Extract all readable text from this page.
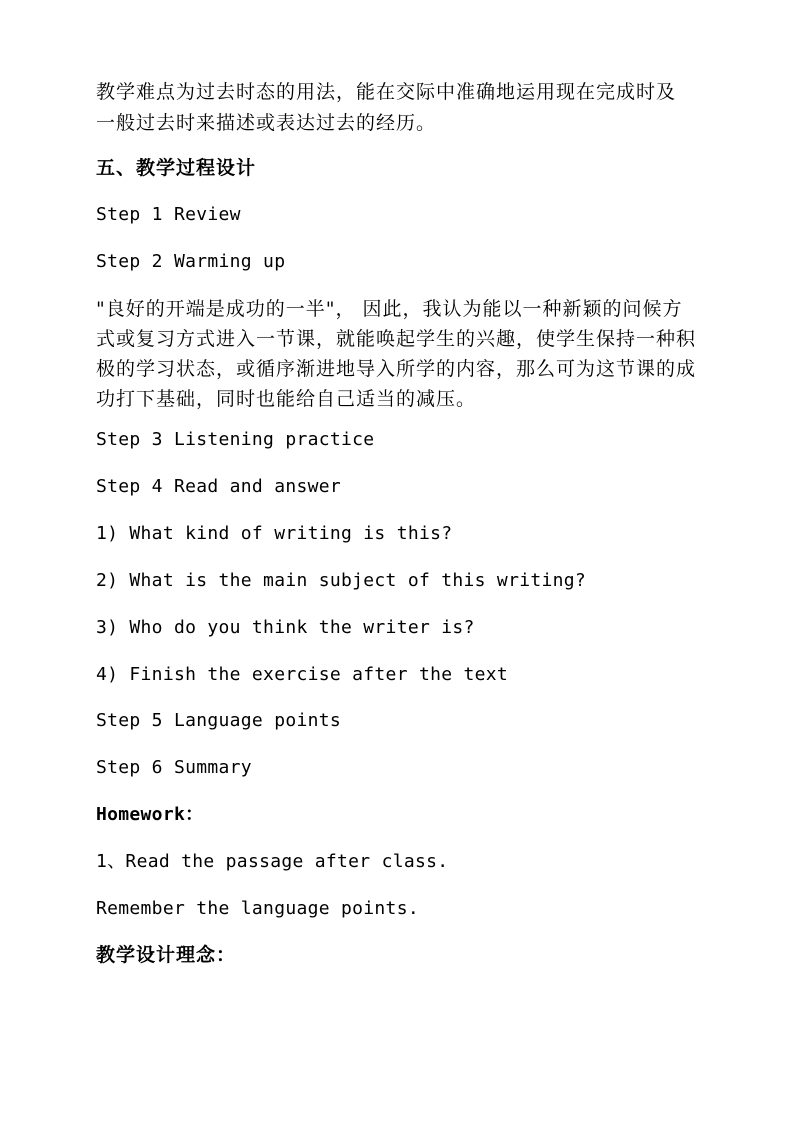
教学难点为过去时态的用法，能在交际中准确地运用现在完成时及
一般过去时来描述或表达过去的经历。
五、教学过程设计
Step 1 Review
Step 2 Warming up
"良好的开端是成功的一半"， 因此，我认为能以一种新颖的问候方
式或复习方式进入一节课，就能唤起学生的兴趣，使学生保持一种积
极的学习状态，或循序渐进地导入所学的内容，那么可为这节课的成
功打下基础，同时也能给自己适当的减压。
Step 3 Listening practice
Step 4 Read and answer
1) What kind of writing is this?
2) What is the main subject of this writing?
3) Who do you think the writer is?
4) Finish the exercise after the text
Step 5 Language points
Step 6 Summary
Homework：
1、Read the passage after class.
Remember the language points.
教学设计理念：
